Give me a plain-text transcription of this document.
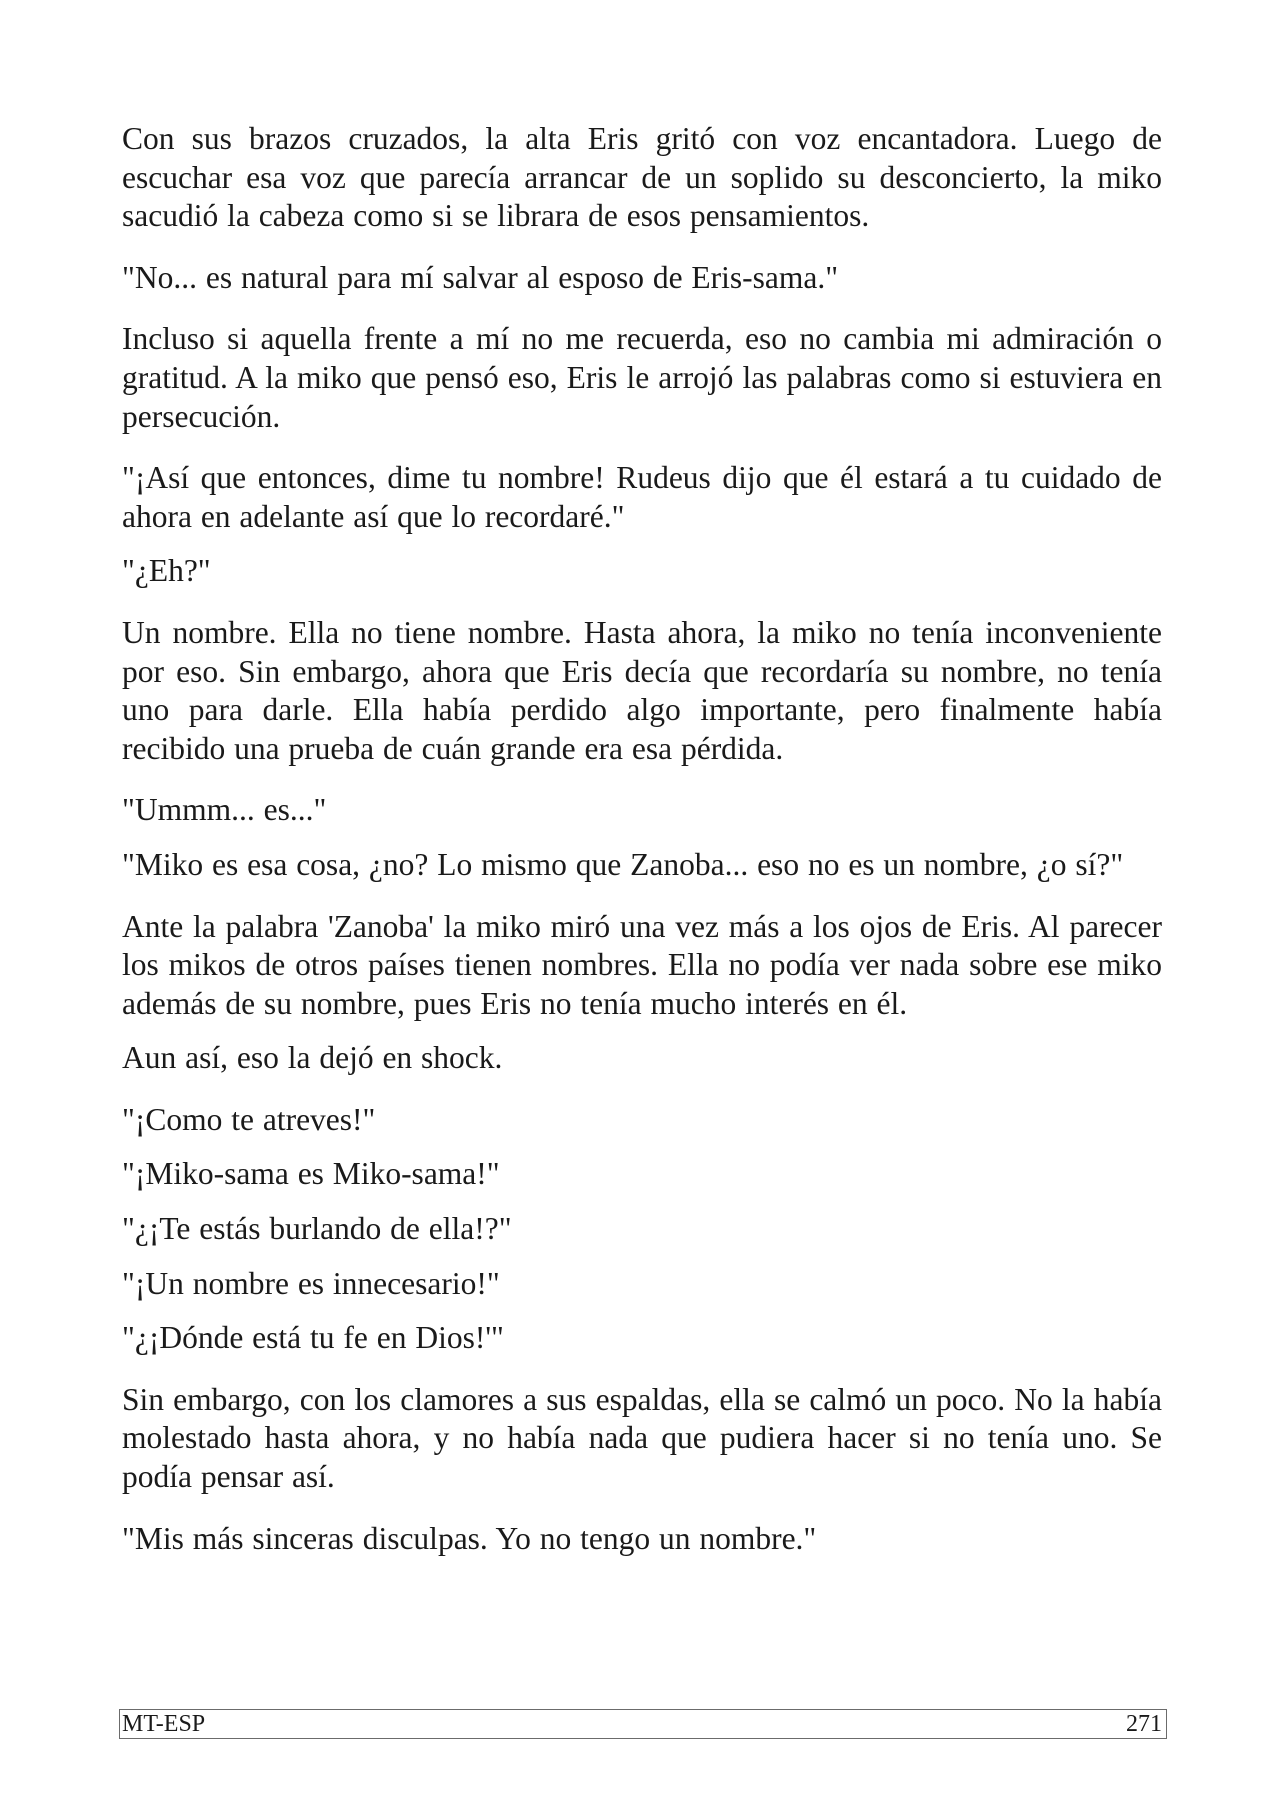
Con sus brazos cruzados, la alta Eris gritó con voz encantadora. Luego de escuchar esa voz que parecía arrancar de un soplido su desconcierto, la miko sacudió la cabeza como si se librara de esos pensamientos.

"No... es natural para mí salvar al esposo de Eris-sama."

Incluso si aquella frente a mí no me recuerda, eso no cambia mi admiración o gratitud. A la miko que pensó eso, Eris le arrojó las palabras como si estuviera en persecución.

"¡Así que entonces, dime tu nombre! Rudeus dijo que él estará a tu cuidado de ahora en adelante así que lo recordaré."

"¿Eh?"

Un nombre. Ella no tiene nombre. Hasta ahora, la miko no tenía inconveniente por eso. Sin embargo, ahora que Eris decía que recordaría su nombre, no tenía uno para darle. Ella había perdido algo importante, pero finalmente había recibido una prueba de cuán grande era esa pérdida.

"Ummm... es..."

"Miko es esa cosa, ¿no? Lo mismo que Zanoba... eso no es un nombre, ¿o sí?"

Ante la palabra 'Zanoba' la miko miró una vez más a los ojos de Eris. Al parecer los mikos de otros países tienen nombres. Ella no podía ver nada sobre ese miko además de su nombre, pues Eris no tenía mucho interés en él.

Aun así, eso la dejó en shock.

"¡Como te atreves!"

"¡Miko-sama es Miko-sama!"

"¿¡Te estás burlando de ella!?"

"¡Un nombre es innecesario!"

"¿¡Dónde está tu fe en Dios!'"

Sin embargo, con los clamores a sus espaldas, ella se calmó un poco. No la había molestado hasta ahora, y no había nada que pudiera hacer si no tenía uno. Se podía pensar así.

"Mis más sinceras disculpas. Yo no tengo un nombre."

MT-ESP	271
